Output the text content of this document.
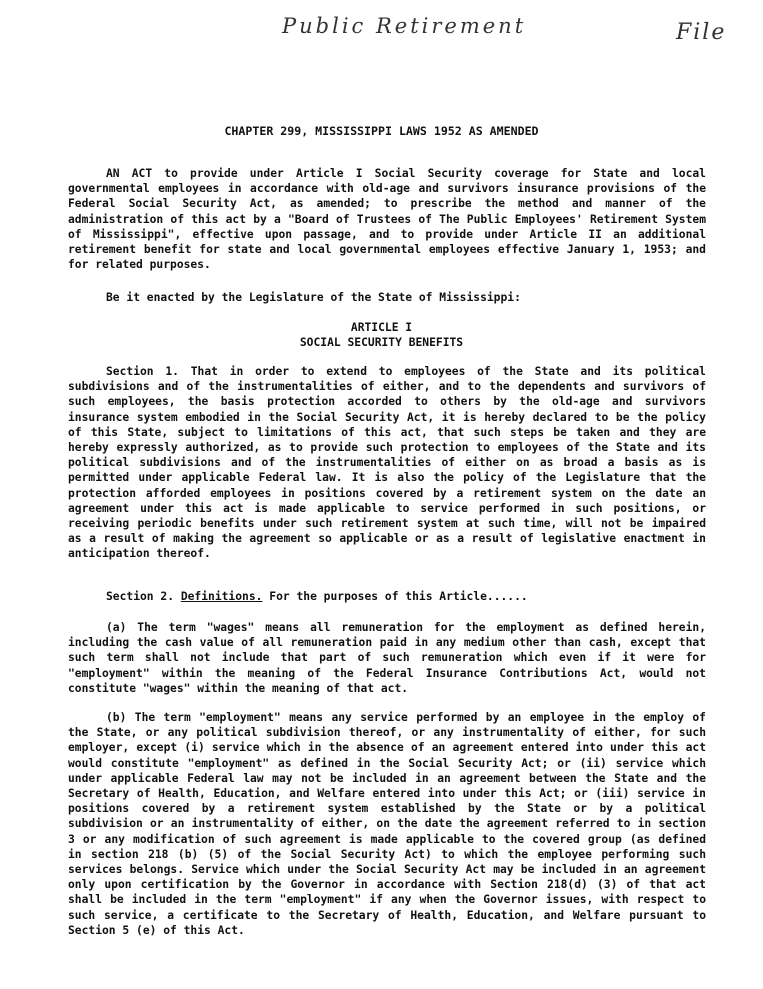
Public Retirement	File
CHAPTER 299, MISSISSIPPI LAWS 1952 AS AMENDED
AN ACT to provide under Article I Social Security coverage for State and local governmental employees in accordance with old-age and survivors insurance provisions of the Federal Social Security Act, as amended; to prescribe the method and manner of the administration of this act by a "Board of Trustees of The Public Employees' Retirement System of Mississippi", effective upon passage, and to provide under Article II an additional retirement benefit for state and local governmental employees effective January 1, 1953; and for related purposes.
Be it enacted by the Legislature of the State of Mississippi:
ARTICLE I
SOCIAL SECURITY BENEFITS
Section 1. That in order to extend to employees of the State and its political subdivisions and of the instrumentalities of either, and to the dependents and survivors of such employees, the basis protection accorded to others by the old-age and survivors insurance system embodied in the Social Security Act, it is hereby declared to be the policy of this State, subject to limitations of this act, that such steps be taken and they are hereby expressly authorized, as to provide such protection to employees of the State and its political subdivisions and of the instrumentalities of either on as broad a basis as is permitted under applicable Federal law. It is also the policy of the Legislature that the protection afforded employees in positions covered by a retirement system on the date an agreement under this act is made applicable to service performed in such positions, or receiving periodic benefits under such retirement system at such time, will not be impaired as a result of making the agreement so applicable or as a result of legislative enactment in anticipation thereof.
Section 2. Definitions. For the purposes of this Article......
(a) The term "wages" means all remuneration for the employment as defined herein, including the cash value of all remuneration paid in any medium other than cash, except that such term shall not include that part of such remuneration which even if it were for "employment" within the meaning of the Federal Insurance Contributions Act, would not constitute "wages" within the meaning of that act.
(b) The term "employment" means any service performed by an employee in the employ of the State, or any political subdivision thereof, or any instrumentality of either, for such employer, except (i) service which in the absence of an agreement entered into under this act would constitute "employment" as defined in the Social Security Act; or (ii) service which under applicable Federal law may not be included in an agreement between the State and the Secretary of Health, Education, and Welfare entered into under this Act; or (iii) service in positions covered by a retirement system established by the State or by a political subdivision or an instrumentality of either, on the date the agreement referred to in section 3 or any modification of such agreement is made applicable to the covered group (as defined in section 218 (b) (5) of the Social Security Act) to which the employee performing such services belongs. Service which under the Social Security Act may be included in an agreement only upon certification by the Governor in accordance with Section 218(d) (3) of that act shall be included in the term "employment" if any when the Governor issues, with respect to such service, a certificate to the Secretary of Health, Education, and Welfare pursuant to Section 5 (e) of this Act.
